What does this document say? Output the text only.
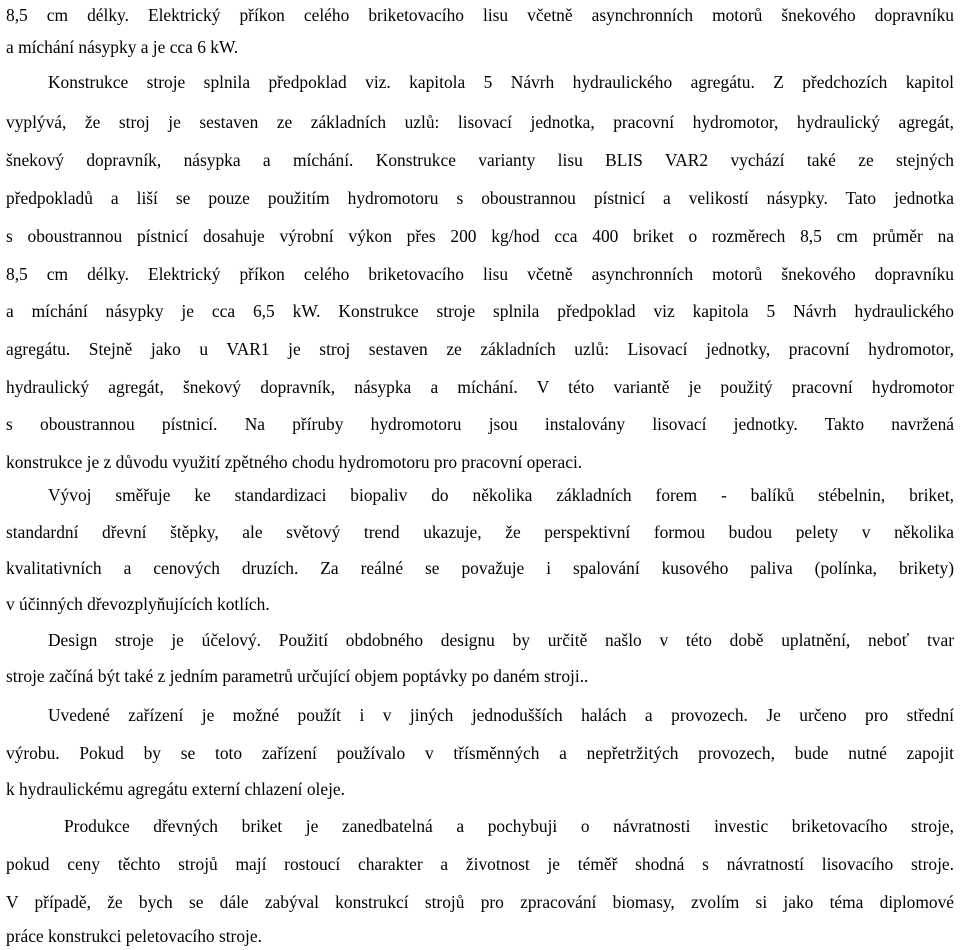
8,5 cm délky. Elektrický příkon celého briketovacího lisu včetně asynchronních motorů šnekového dopravníku
a míchání násypky a je cca 6 kW.
Konstrukce stroje splnila předpoklad viz. kapitola 5 Návrh hydraulického agregátu. Z předchozích kapitol
vyplývá, že stroj je sestaven ze základních uzlů: lisovací jednotka, pracovní hydromotor, hydraulický agregát,
šnekový dopravník, násypka a míchání. Konstrukce varianty lisu BLIS VAR2 vychází také ze stejných
předpokladů a liší se pouze použitím hydromotoru s oboustrannou pístnicí a velikostí násypky. Tato jednotka
s oboustrannou pístnicí dosahuje výrobní výkon přes 200 kg/hod cca 400 briket o rozměrech 8,5 cm průměr na
8,5 cm délky. Elektrický příkon celého briketovacího lisu včetně asynchronních motorů šnekového dopravníku
a míchání násypky je cca 6,5 kW. Konstrukce stroje splnila předpoklad viz kapitola 5 Návrh hydraulického
agregátu. Stejně jako u VAR1 je stroj sestaven ze základních uzlů: Lisovací jednotky, pracovní hydromotor,
hydraulický agregát, šnekový dopravník, násypka a míchání. V této variantě je použitý pracovní hydromotor
s oboustrannou pístnicí. Na příruby hydromotoru jsou instalovány lisovací jednotky. Takto navržená
konstrukce je z důvodu využití zpětného chodu hydromotoru pro pracovní operaci.
Vývoj směřuje ke standardizaci biopaliv do několika základních forem - balíků stébelnin, briket,
standardní dřevní štěpky, ale světový trend ukazuje, že perspektivní formou budou pelety v několika
kvalitativních a cenových druzích. Za reálné se považuje i spalování kusového paliva (polínka, brikety)
v účinných dřevozplyňujících kotlích.
Design stroje je účelový. Použití obdobného designu by určitě našlo v této době uplatnění, neboť tvar
stroje začíná být také z jedním parametrů určující objem poptávky po daném stroji..
Uvedené zařízení je možné použít i v jiných jednodušších halách a provozech. Je určeno pro střední
výrobu. Pokud by se toto zařízení používalo v třísměnných a nepřetržitých provozech, bude nutné zapojit
k hydraulickému agregátu externí chlazení oleje.
Produkce dřevných briket je zanedbatelná a pochybuji o návratnosti investic briketovacího stroje,
pokud ceny těchto strojů mají rostoucí charakter a životnost je téměř shodná s návratností lisovacího stroje.
V případě, že bych se dále zabýval konstrukcí strojů pro zpracování biomasy, zvolím si jako téma diplomové
práce konstrukci peletovacího stroje.
